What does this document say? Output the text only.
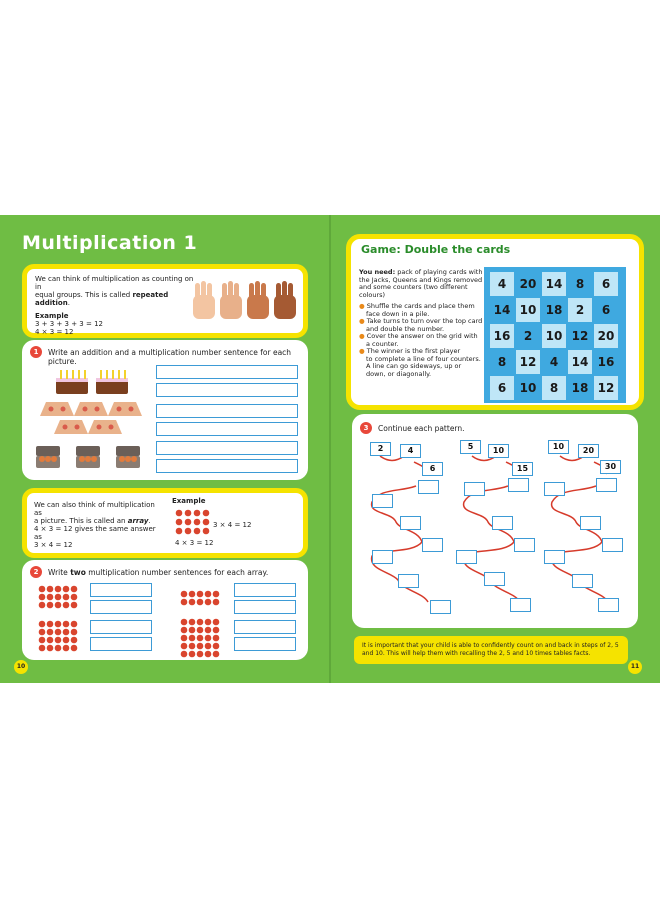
Multiplication 1
We can think of multiplication as counting on in
equal groups. This is called repeated addition.
Example
3 + 3 + 3 + 3 = 12
4 × 3 = 12
1	Write an addition and a multiplication number sentence for each picture.
We can also think of multiplication as
a picture. This is called an array.
4 × 3 = 12 gives the same answer as
3 × 4 = 12
Example
3 × 4 = 12
4 × 3 = 12
2	Write two multiplication number sentences for each array.
10
Game: Double the cards
You need: pack of playing cards with
the Jacks, Queens and Kings removed
and some counters (two different colours)
● Shuffle the cards and place them
face down in a pile.
● Take turns to turn over the top card
and double the number.
● Cover the answer on the grid with
a counter.
● The winner is the first player
to complete a line of four counters.
A line can go sideways, up or
down, or diagonally.
4	20 14	8	6
14 10 18	2	6
16	2	10 12 20
8	12	4	14 16
6	10	8	18 12
3	Continue each pattern.
2	4
6
5	10
15
10	20
30
It is important that your child is able to confidently count on and back in steps of 2, 5
and 10. This will help them with recalling the 2, 5 and 10 times tables facts.
11
